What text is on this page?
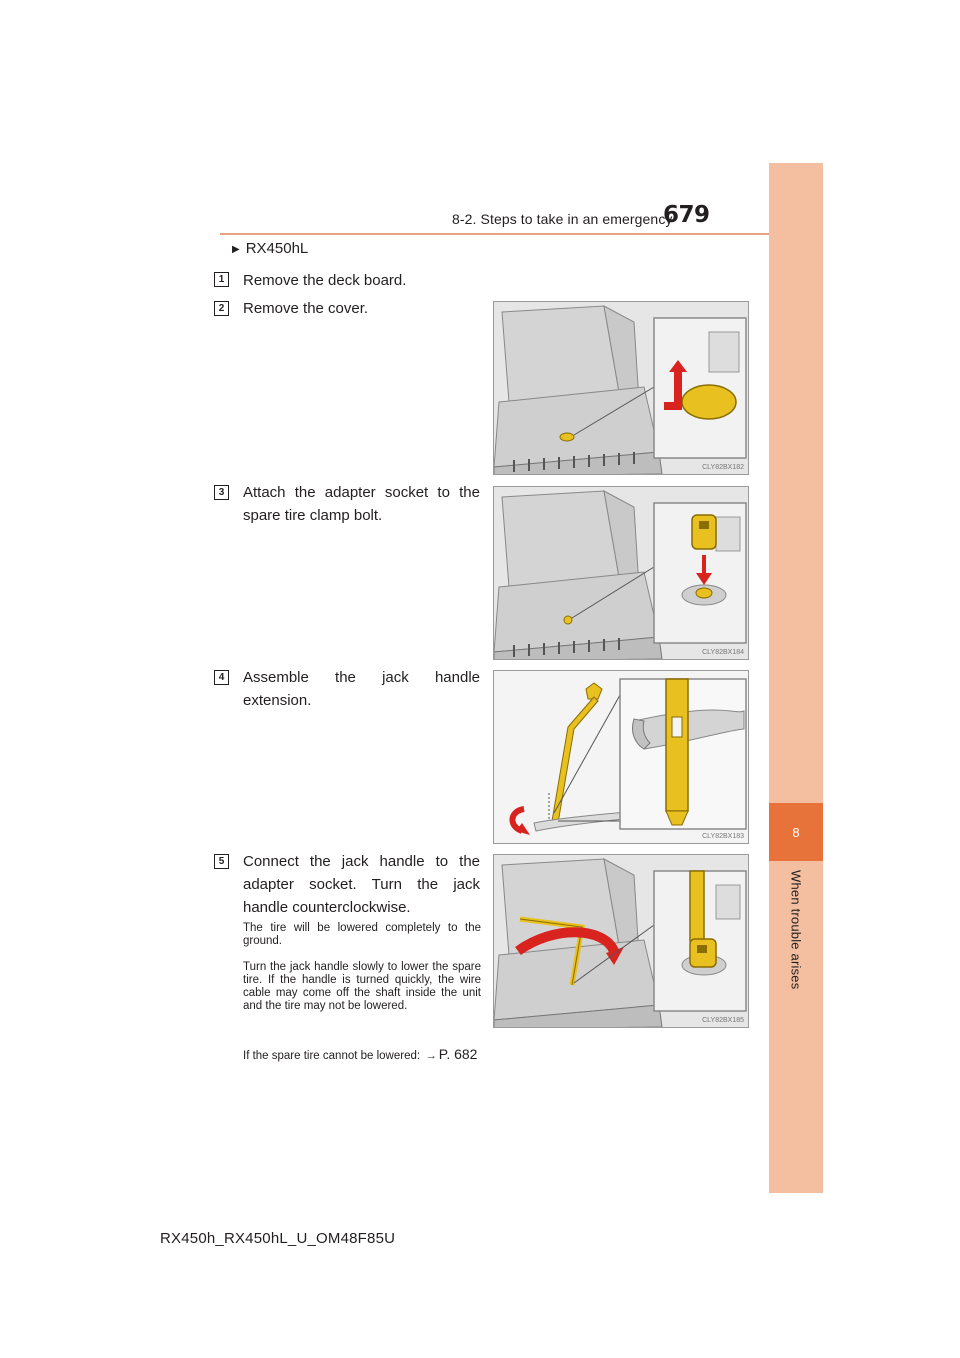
8-2. Steps to take in an emergency
679
8
When trouble arises
▶ RX450hL
1	Remove the deck board.
2	Remove the cover.
3	Attach the adapter socket to the spare tire clamp bolt.
4	Assemble the jack handle extension.
5	Connect the jack handle to the adapter socket. Turn the jack handle counterclockwise.
The tire will be lowered completely to the ground.
Turn the jack handle slowly to lower the spare tire. If the handle is turned quickly, the wire cable may come off the shaft inside the unit and the tire may not be lowered.
If the spare tire cannot be lowered: → P. 682
CLY82BX182
CLY82BX184
CLY82BX183
CLY82BX185
RX450h_RX450hL_U_OM48F85U
